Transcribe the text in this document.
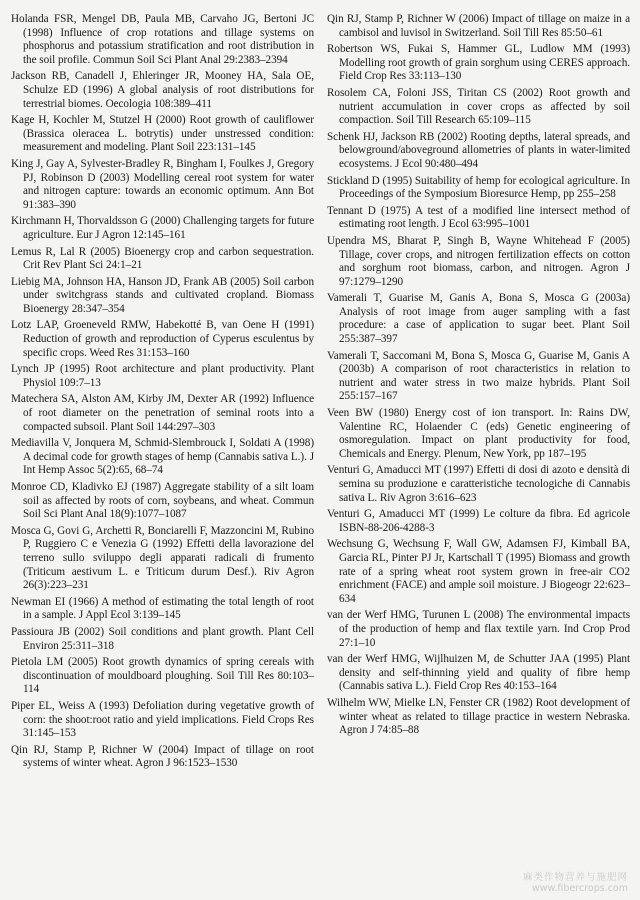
Holanda FSR, Mengel DB, Paula MB, Carvaho JG, Bertoni JC (1998) Influence of crop rotations and tillage systems on phosphorus and potassium stratification and root distribution in the soil profile. Commun Soil Sci Plant Anal 29:2383–2394

Jackson RB, Canadell J, Ehleringer JR, Mooney HA, Sala OE, Schulze ED (1996) A global analysis of root distributions for terrestrial biomes. Oecologia 108:389–411

Kage H, Kochler M, Stutzel H (2000) Root growth of cauliflower (Brassica oleracea L. botrytis) under unstressed condition: measurement and modeling. Plant Soil 223:131–145

King J, Gay A, Sylvester-Bradley R, Bingham I, Foulkes J, Gregory PJ, Robinson D (2003) Modelling cereal root system for water and nitrogen capture: towards an economic optimum. Ann Bot 91:383–390

Kirchmann H, Thorvaldsson G (2000) Challenging targets for future agriculture. Eur J Agron 12:145–161

Lemus R, Lal R (2005) Bioenergy crop and carbon sequestration. Crit Rev Plant Sci 24:1–21

Liebig MA, Johnson HA, Hanson JD, Frank AB (2005) Soil carbon under switchgrass stands and cultivated cropland. Biomass Bioenergy 28:347–354

Lotz LAP, Groeneveld RMW, Habekotté B, van Oene H (1991) Reduction of growth and reproduction of Cyperus esculentus by specific crops. Weed Res 31:153–160

Lynch JP (1995) Root architecture and plant productivity. Plant Physiol 109:7–13

Matechera SA, Alston AM, Kirby JM, Dexter AR (1992) Influence of root diameter on the penetration of seminal roots into a compacted subsoil. Plant Soil 144:297–303

Mediavilla V, Jonquera M, Schmid-Slembrouck I, Soldati A (1998) A decimal code for growth stages of hemp (Cannabis sativa L.). J Int Hemp Assoc 5(2):65, 68–74

Monroe CD, Kladivko EJ (1987) Aggregate stability of a silt loam soil as affected by roots of corn, soybeans, and wheat. Commun Soil Sci Plant Anal 18(9):1077–1087

Mosca G, Govi G, Archetti R, Bonciarelli F, Mazzoncini M, Rubino P, Ruggiero C e Venezia G (1992) Effetti della lavorazione del terreno sullo sviluppo degli apparati radicali di frumento (Triticum aestivum L. e Triticum durum Desf.). Riv Agron 26(3):223–231

Newman EI (1966) A method of estimating the total length of root in a sample. J Appl Ecol 3:139–145

Passioura JB (2002) Soil conditions and plant growth. Plant Cell Environ 25:311–318

Pietola LM (2005) Root growth dynamics of spring cereals with discontinuation of mouldboard ploughing. Soil Till Res 80:103–114

Piper EL, Weiss A (1993) Defoliation during vegetative growth of corn: the shoot:root ratio and yield implications. Field Crops Res 31:145–153

Qin RJ, Stamp P, Richner W (2004) Impact of tillage on root systems of winter wheat. Agron J 96:1523–1530

Qin RJ, Stamp P, Richner W (2006) Impact of tillage on maize in a cambisol and luvisol in Switzerland. Soil Till Res 85:50–61

Robertson WS, Fukai S, Hammer GL, Ludlow MM (1993) Modelling root growth of grain sorghum using CERES approach. Field Crop Res 33:113–130

Rosolem CA, Foloni JSS, Tiritan CS (2002) Root growth and nutrient accumulation in cover crops as affected by soil compaction. Soil Till Research 65:109–115

Schenk HJ, Jackson RB (2002) Rooting depths, lateral spreads, and belowground/aboveground allometries of plants in water-limited ecosystems. J Ecol 90:480–494

Stickland D (1995) Suitability of hemp for ecological agriculture. In Proceedings of the Symposium Bioresurce Hemp, pp 255–258

Tennant D (1975) A test of a modified line intersect method of estimating root length. J Ecol 63:995–1001

Upendra MS, Bharat P, Singh B, Wayne Whitehead F (2005) Tillage, cover crops, and nitrogen fertilization effects on cotton and sorghum root biomass, carbon, and nitrogen. Agron J 97:1279–1290

Vamerali T, Guarise M, Ganis A, Bona S, Mosca G (2003a) Analysis of root image from auger sampling with a fast procedure: a case of application to sugar beet. Plant Soil 255:387–397

Vamerali T, Saccomani M, Bona S, Mosca G, Guarise M, Ganis A (2003b) A comparison of root characteristics in relation to nutrient and water stress in two maize hybrids. Plant Soil 255:157–167

Veen BW (1980) Energy cost of ion transport. In: Rains DW, Valentine RC, Holaender C (eds) Genetic engineering of osmoregulation. Impact on plant productivity for food, Chemicals and Energy. Plenum, New York, pp 187–195

Venturi G, Amaducci MT (1997) Effetti di dosi di azoto e densità di semina su produzione e caratteristiche tecnologiche di Cannabis sativa L. Riv Agron 3:616–623

Venturi G, Amaducci MT (1999) Le colture da fibra. Ed agricole ISBN-88-206-4288-3

Wechsung G, Wechsung F, Wall GW, Adamsen FJ, Kimball BA, Garcia RL, Pinter PJ Jr, Kartschall T (1995) Biomass and growth rate of a spring wheat root system grown in free-air CO2 enrichment (FACE) and ample soil moisture. J Biogeogr 22:623–634

van der Werf HMG, Turunen L (2008) The environmental impacts of the production of hemp and flax textile yarn. Ind Crop Prod 27:1–10

van der Werf HMG, Wijlhuizen M, de Schutter JAA (1995) Plant density and self-thinning yield and quality of fibre hemp (Cannabis sativa L.). Field Crop Res 40:153–164

Wilhelm WW, Mielke LN, Fenster CR (1982) Root development of winter wheat as related to tillage practice in western Nebraska. Agron J 74:85–88

麻类作物营养与施肥网
www.fibercrops.com
